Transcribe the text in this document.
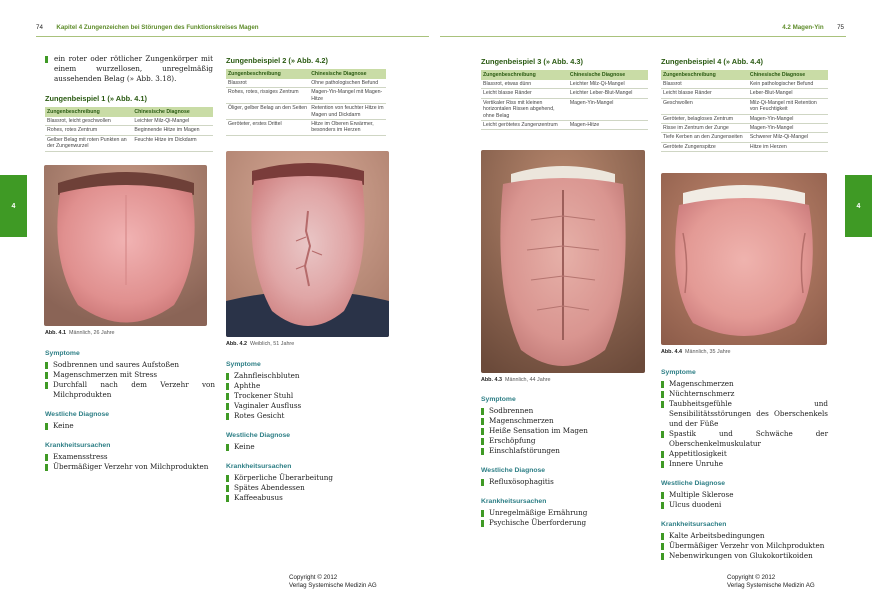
74 Kapitel 4 Zungenzeichen bei Störungen des Funktionskreises Magen	4.2 Magen-Yin 75
4	4
ein roter oder rötlicher Zungenkörper mit einem wurzellosen, unregelmäßig aussehenden Belag (» Abb. 3.18).
Zungenbeispiel 1 (» Abb. 4.1)
Zungenbeschreibung	Chinesische Diagnose
Blassrot, leicht geschwollen	Leichter Milz-Qi-Mangel
Rohes, rotes Zentrum	Beginnende Hitze im Magen
Gelber Belag mit roten Punkten an der Zungenwurzel	Feuchte Hitze im Dickdarm
Zungenbeispiel 2 (» Abb. 4.2)
Zungenbeschreibung	Chinesische Diagnose
Blassrot	Ohne pathologischen Befund
Rohes, rotes, rissiges Zentrum	Magen-Yin-Mangel mit Magen-Hitze
Öliger, gelber Belag an den Seiten	Retention von feuchter Hitze im Magen und Dickdarm
Geröteter, erstes Drittel	Hitze im Oberen Erwärmer, besonders im Herzen
Zungenbeispiel 3 (» Abb. 4.3)
Zungenbeschreibung	Chinesische Diagnose
Blassrot, etwas dünn	Leichter Milz-Qi-Mangel
Leicht blasse Ränder	Leichter Leber-Blut-Mangel
Vertikaler Riss mit kleinen horizontalen Rissen abgehend, ohne Belag	Magen-Yin-Mangel
Leicht gerötetes Zungenzentrum	Magen-Hitze
Zungenbeispiel 4 (» Abb. 4.4)
Zungenbeschreibung	Chinesische Diagnose
Blassrot	Kein pathologischer Befund
Leicht blasse Ränder	Leber-Blut-Mangel
Geschwollen	Milz-Qi-Mangel mit Retention von Feuchtigkeit
Geröteter, belagloses Zentrum	Magen-Yin-Mangel
Risse im Zentrum der Zunge	Magen-Yin-Mangel
Tiefe Kerben an den Zungenseiten	Schwerer Milz-Qi-Mangel
Gerötete Zungenspitze	Hitze im Herzen
Abb. 4.1 Männlich, 26 Jahre
Abb. 4.2 Weiblich, 51 Jahre
Abb. 4.3 Männlich, 44 Jahre
Abb. 4.4 Männlich, 35 Jahre
Symptome
Sodbrennen und saures Aufstoßen
Magenschmerzen mit Stress
Durchfall nach dem Verzehr von Milchprodukten
Westliche Diagnose
Keine
Krankheitsursachen
Examensstress
Übermäßiger Verzehr von Milchprodukten
Symptome
Zahnfleischbluten
Aphthe
Trockener Stuhl
Vaginaler Ausfluss
Rotes Gesicht
Westliche Diagnose
Keine
Krankheitsursachen
Körperliche Überarbeitung
Spätes Abendessen
Kaffeeabusus
Symptome
Sodbrennen
Magenschmerzen
Heiße Sensation im Magen
Erschöpfung
Einschlafstörungen
Westliche Diagnose
Refluxösophagitis
Krankheitsursachen
Unregelmäßige Ernährung
Psychische Überforderung
Symptome
Magenschmerzen
Nüchternschmerz
Taubheitsgefühle und Sensibilitätsstörungen des Oberschenkels und der Füße
Spastik und Schwäche der Oberschenkelmuskulatur
Appetitlosigkeit
Innere Unruhe
Westliche Diagnose
Multiple Sklerose
Ulcus duodeni
Krankheitsursachen
Kalte Arbeitsbedingungen
Übermäßiger Verzehr von Milchprodukten
Nebenwirkungen von Glukokortikoiden
Copyright © 2012
Verlag Systemische Medizin AG
Copyright © 2012
Verlag Systemische Medizin AG
